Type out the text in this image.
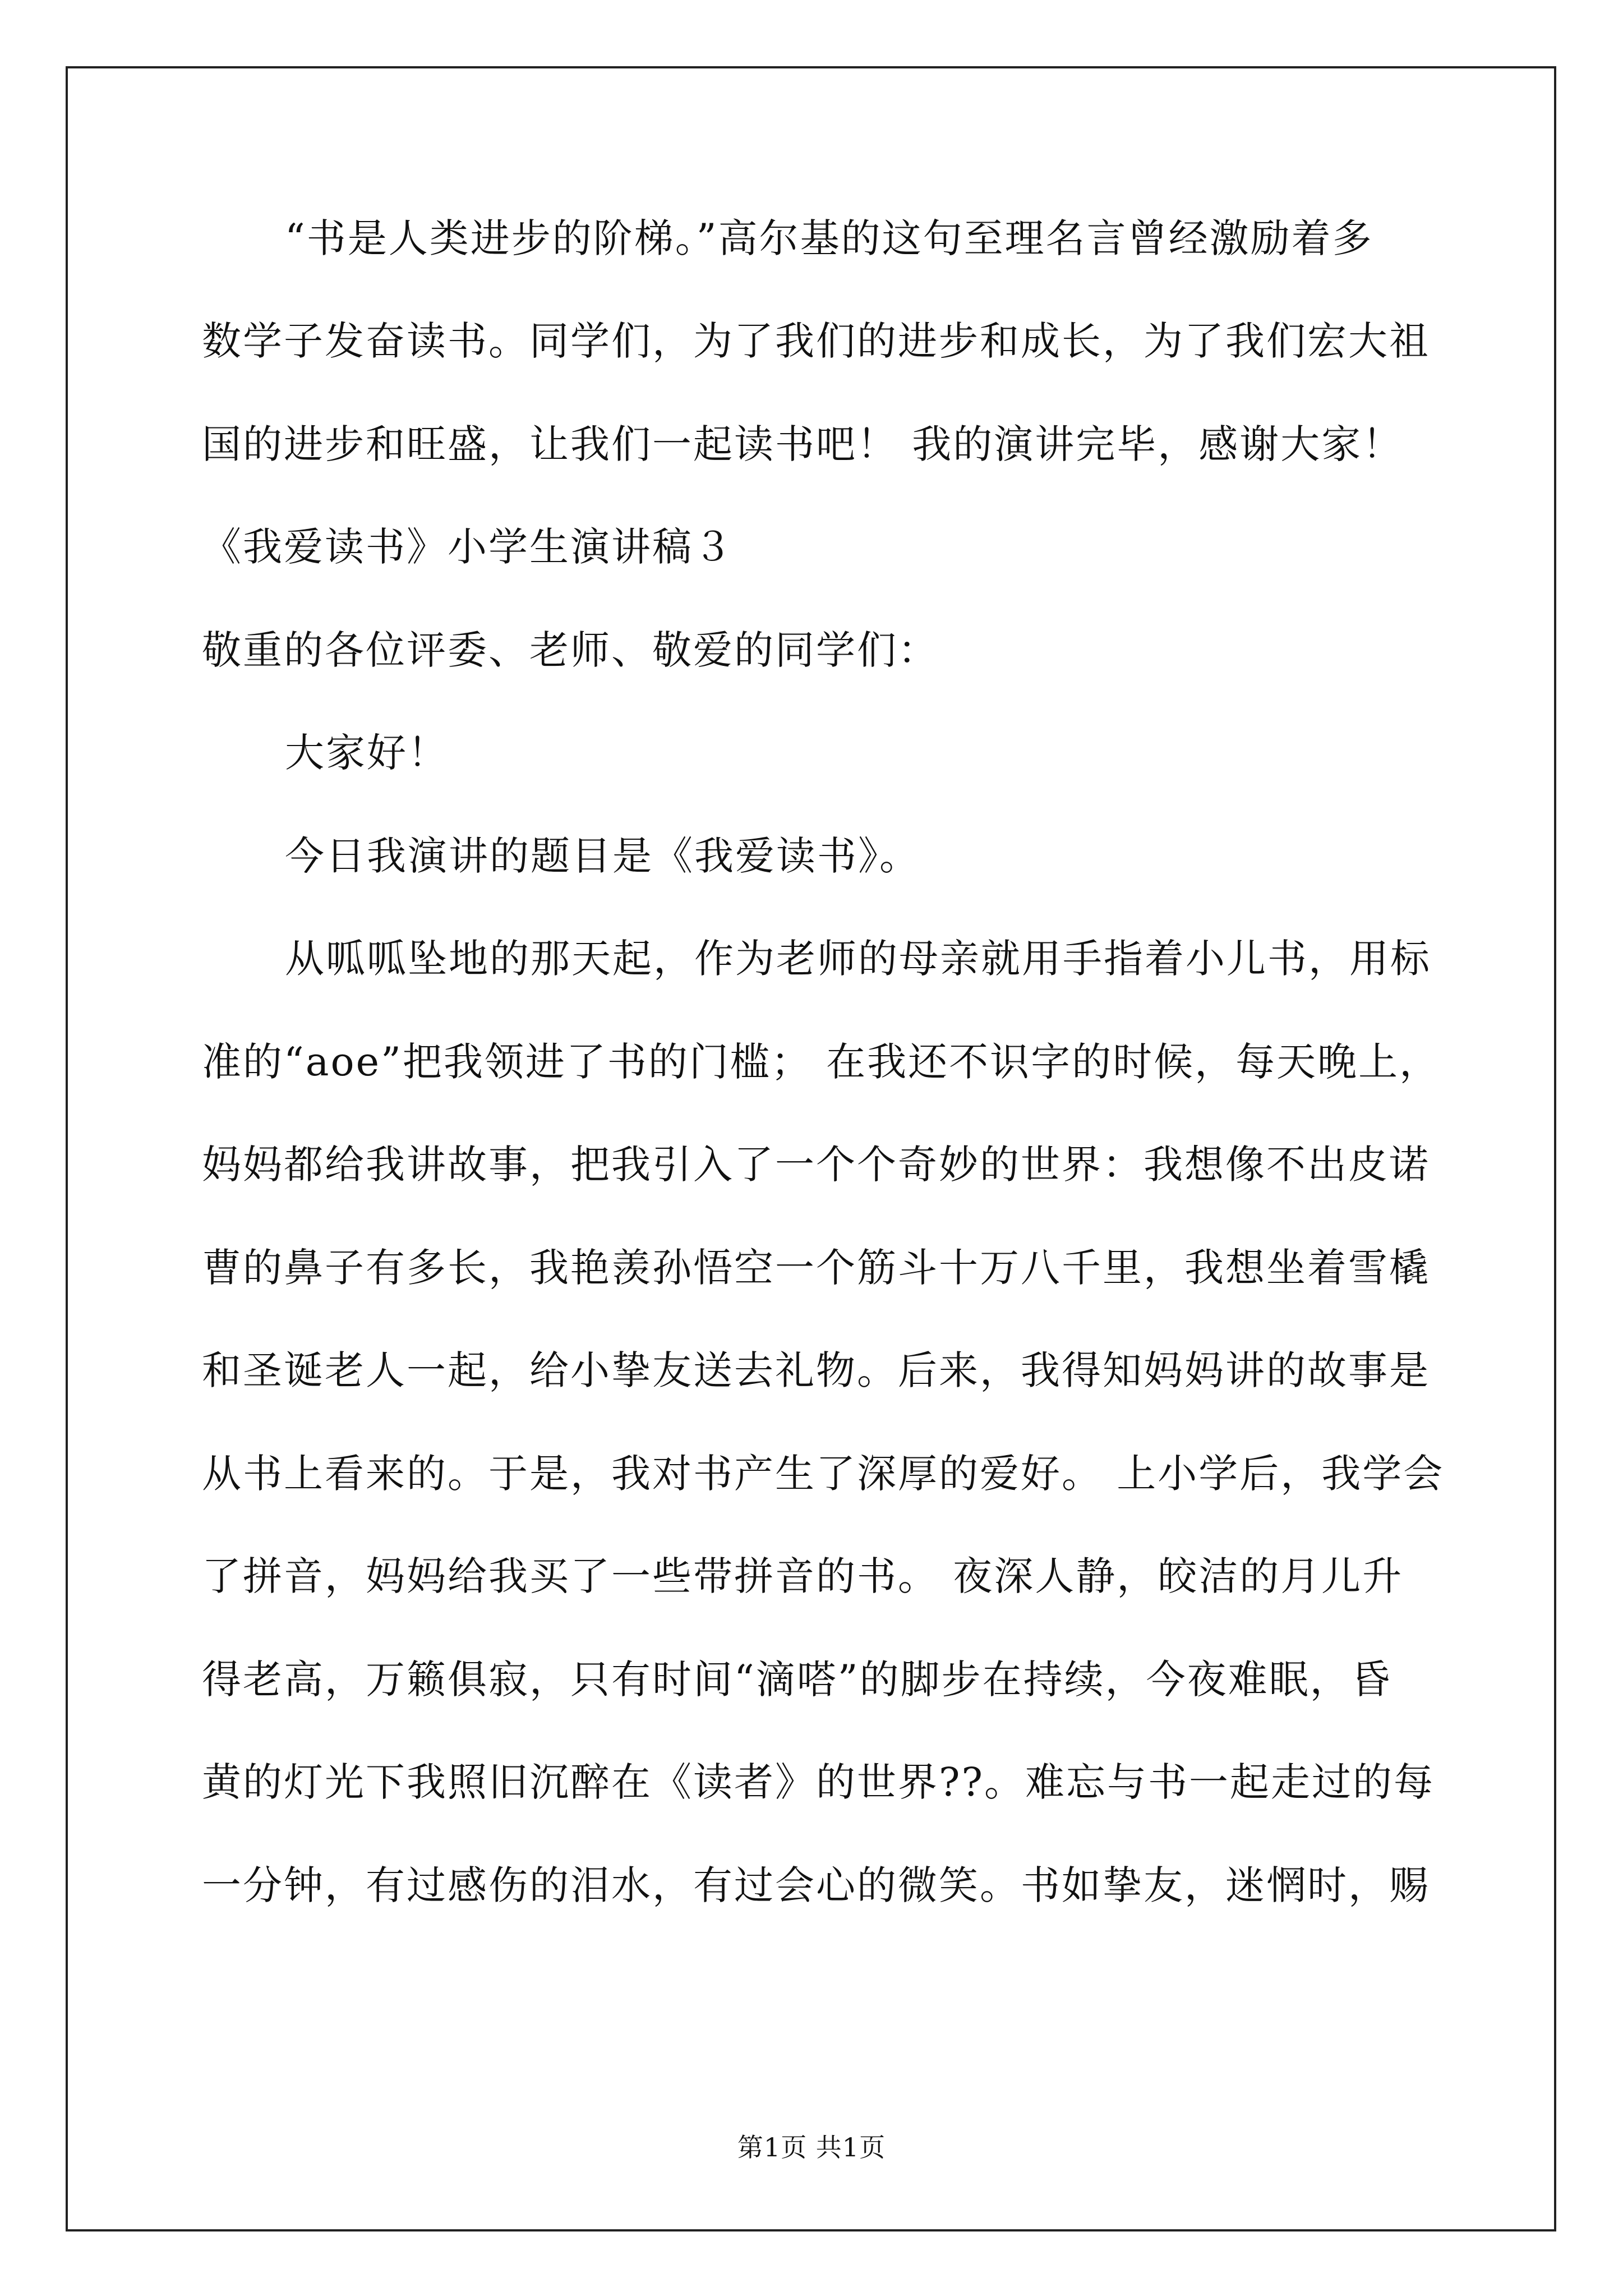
“书是人类进步的阶梯。”高尔基的这句至理名言曾经激励着多
数学子发奋读书。同学们，为了我们的进步和成长，为了我们宏大祖
国的进步和旺盛，让我们一起读书吧！ 我的演讲完毕，感谢大家！
《我爱读书》小学生演讲稿３
敬重的各位评委、老师、敬爱的同学们：
大家好！
今日我演讲的题目是《我爱读书》。
从呱呱坠地的那天起，作为老师的母亲就用手指着小儿书，用标
准的“aoe”把我领进了书的门槛； 在我还不识字的时候，每天晚上，
妈妈都给我讲故事，把我引入了一个个奇妙的世界：我想像不出皮诺
曹的鼻子有多长，我艳羡孙悟空一个筋斗十万八千里，我想坐着雪橇
和圣诞老人一起，给小挚友送去礼物。后来，我得知妈妈讲的故事是
从书上看来的。于是，我对书产生了深厚的爱好。 上小学后，我学会
了拼音，妈妈给我买了一些带拼音的书。 夜深人静，皎洁的月儿升
得老高，万籁俱寂，只有时间“滴嗒”的脚步在持续，今夜难眠，昏
黄的灯光下我照旧沉醉在《读者》的世界??。难忘与书一起走过的每
一分钟，有过感伤的泪水，有过会心的微笑。书如挚友，迷惘时，赐
第1页 共1页
